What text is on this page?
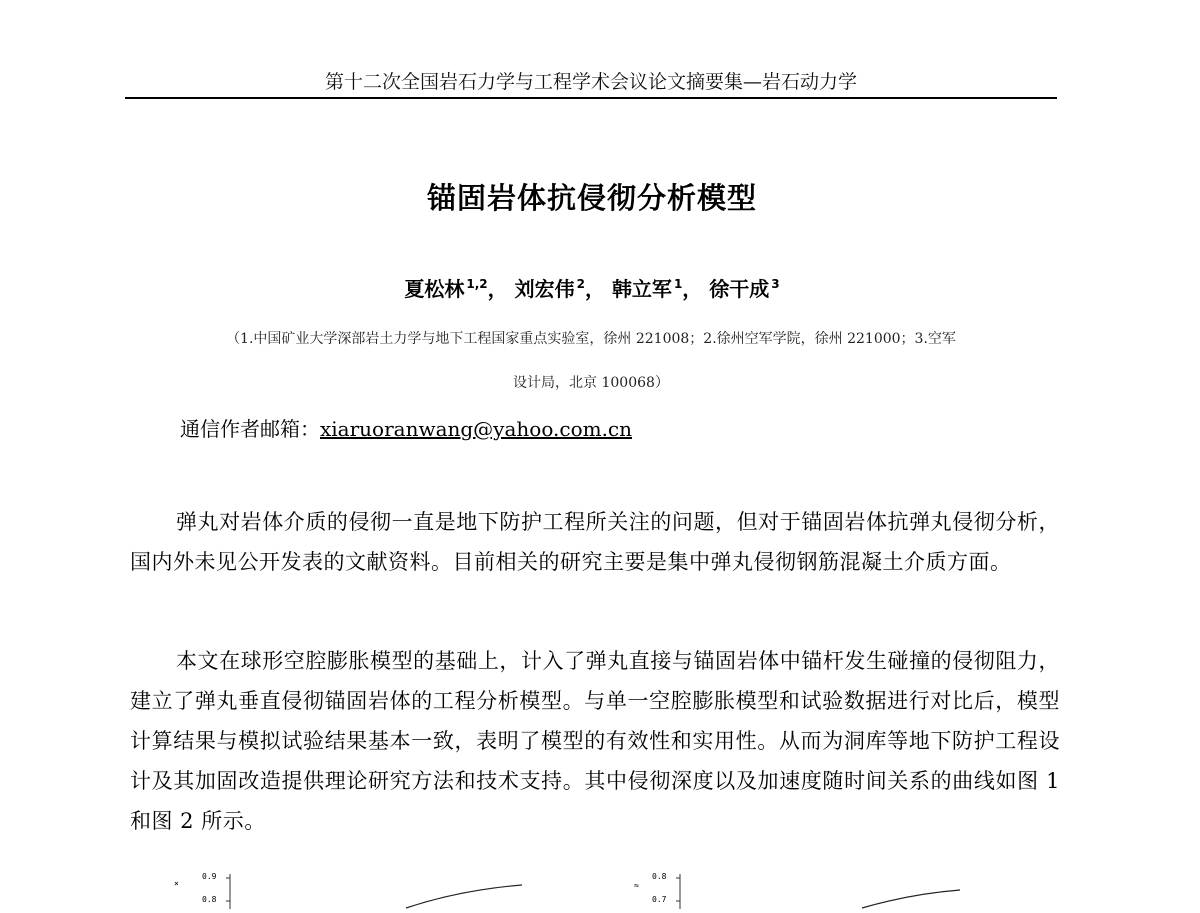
第十二次全国岩石力学与工程学术会议论文摘要集—岩石动力学
锚固岩体抗侵彻分析模型
夏松林 $^{1,2}$， 刘宏伟 $^2$， 韩立军 $^1$， 徐干成 $^3$
（1.中国矿业大学深部岩土力学与地下工程国家重点实验室，徐州 221008；2.徐州空军学院，徐州 221000；3.空军
设计局，北京 100068）
通信作者邮箱：xiaruoranwang@yahoo.com.cn
弹丸对岩体介质的侵彻一直是地下防护工程所关注的问题，但对于锚固岩体抗弹丸侵彻分析，国内外未见公开发表的文献资料。目前相关的研究主要是集中弹丸侵彻钢筋混凝土介质方面。
本文在球形空腔膨胀模型的基础上，计入了弹丸直接与锚固岩体中锚杆发生碰撞的侵彻阻力，建立了弹丸垂直侵彻锚固岩体的工程分析模型。与单一空腔膨胀模型和试验数据进行对比后，模型计算结果与模拟试验结果基本一致，表明了模型的有效性和实用性。从而为洞库等地下防护工程设计及其加固改造提供理论研究方法和技术支持。其中侵彻深度以及加速度随时间关系的曲线如图 1 和图 2 所示。
0.9
0.8
×
0.8
0.7
≈
